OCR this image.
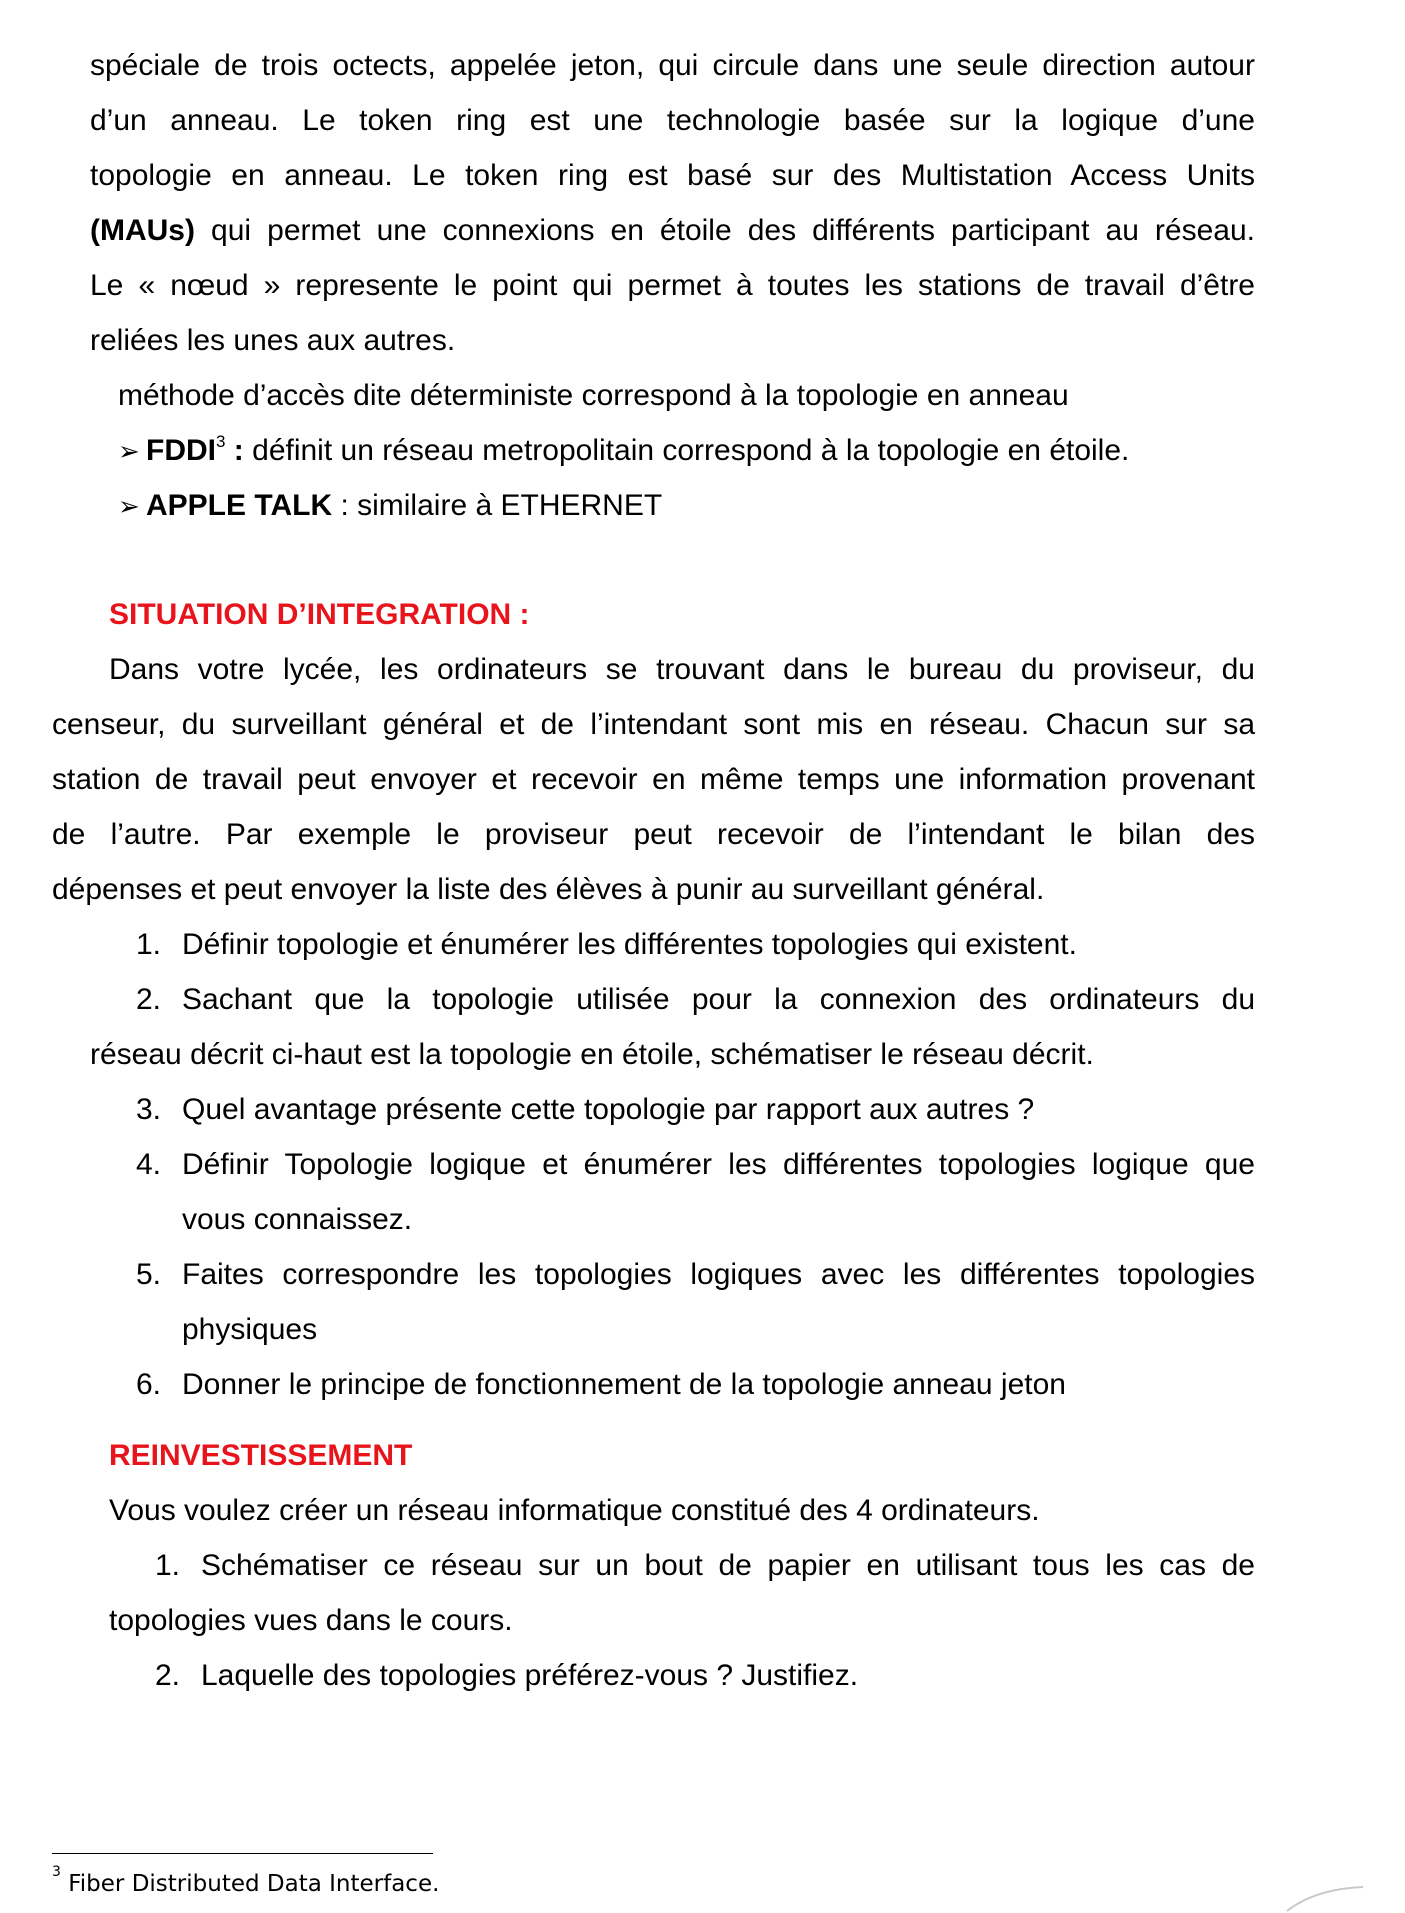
spéciale de trois octects, appelée jeton, qui circule dans une seule direction autour
d’un anneau. Le token ring est une technologie basée sur la logique d’une
topologie en anneau. Le token ring est basé sur des Multistation Access Units
(MAUs) qui permet une connexions en étoile des différents participant au réseau.
Le « nœud » represente le point qui permet à toutes les stations de travail d’être
reliées les unes aux autres.
méthode d’accès dite déterministe correspond à la topologie en anneau
➢ FDDI$^3$ : définit un réseau metropolitain correspond à la topologie en étoile.
➢ APPLE TALK : similaire à ETHERNET
SITUATION D’INTEGRATION :
Dans votre lycée, les ordinateurs se trouvant dans le bureau du proviseur, du
censeur, du surveillant général et de l’intendant sont mis en réseau. Chacun sur sa
station de travail peut envoyer et recevoir en même temps une information provenant
de l’autre. Par exemple le proviseur peut recevoir de l’intendant le bilan des
dépenses et peut envoyer la liste des élèves à punir au surveillant général.
1. Définir topologie et énumérer les différentes topologies qui existent.
2. Sachant que la topologie utilisée pour la connexion des ordinateurs du
réseau décrit ci-haut est la topologie en étoile, schématiser le réseau décrit.
3. Quel avantage présente cette topologie par rapport aux autres ?
4. Définir Topologie logique et énumérer les différentes topologies logique que
vous connaissez.
5. Faites correspondre les topologies logiques avec les différentes topologies
physiques
6. Donner le principe de fonctionnement de la topologie anneau jeton
REINVESTISSEMENT
Vous voulez créer un réseau informatique constitué des 4 ordinateurs.
1. Schématiser ce réseau sur un bout de papier en utilisant tous les cas de
topologies vues dans le cours.
2. Laquelle des topologies préférez-vous ? Justifiez.
$^3$ Fiber Distributed Data Interface.
